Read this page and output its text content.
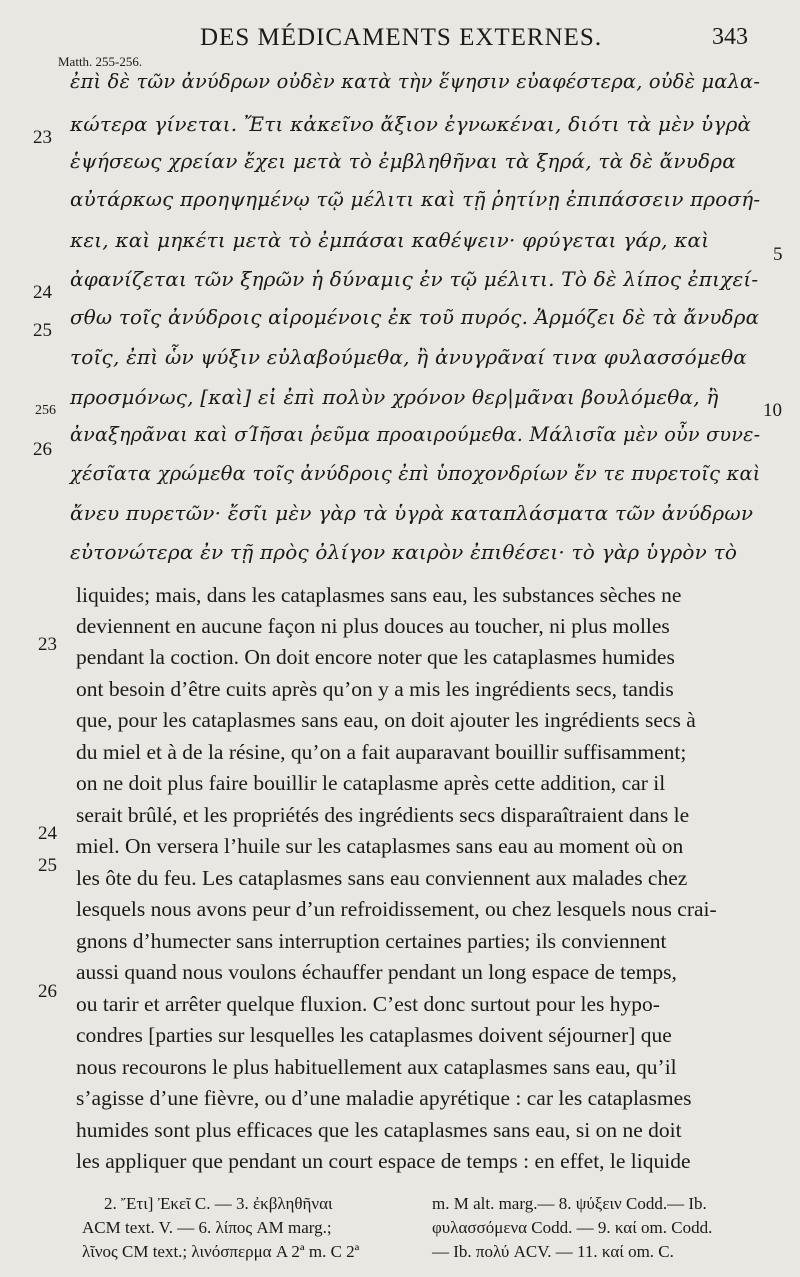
DES MÉDICAMENTS EXTERNES.	343
Matth. 255-256.
ἐπὶ δὲ τῶν ἀνύδρων οὐδὲν κατὰ τὴν ἕψησιν εὐαφέστερα, οὐδὲ μαλα-
κώτερα γίνεται. Ἔτι κἀκεῖνο ἄξιον ἐγνωκέναι, διότι τὰ μὲν ὑγρὰ
ἑψήσεως χρείαν ἔχει μετὰ τὸ ἐμβληθῆναι τὰ ξηρά, τὰ δὲ ἄνυδρα
αὐτάρκως προηψημένῳ τῷ μέλιτι καὶ τῇ ῥητίνῃ ἐπιπάσσειν προσή-
κει, καὶ μηκέτι μετὰ τὸ ἐμπάσαι καθέψειν· φρύγεται γάρ, καὶ
ἀφανίζεται τῶν ξηρῶν ἡ δύναμις ἐν τῷ μέλιτι. Τὸ δὲ λίπος ἐπιχεί-
σθω τοῖς ἀνύδροις αἰρομένοις ἐκ τοῦ πυρός. Ἁρμόζει δὲ τὰ ἄνυδρα
τοῖς, ἐπὶ ὧν ψύξιν εὐλαβούμεθα, ἢ ἀνυγρᾶναί τινα φυλασσόμεθα
προσμόνως, [καὶ] εἰ ἐπὶ πολὺν χρόνον θερ|μᾶναι βουλόμεθα, ἢ
ἀναξηρᾶναι καὶ σΊῆσαι ῥεῦμα προαιρούμεθα. Μάλισῖα μὲν οὖν συνε-
χέσῖατα χρώμεθα τοῖς ἀνύδροις ἐπὶ ὑποχονδρίων ἔν τε πυρετοῖς καὶ
ἄνευ πυρετῶν· ἔσῖι μὲν γὰρ τὰ ὑγρὰ καταπλάσματα τῶν ἀνύδρων
εὐτονώτερα ἐν τῇ πρὸς ὀλίγον καιρὸν ἐπιθέσει· τὸ γὰρ ὑγρὸν τὸ
23
24
25
256
26
5
10
liquides; mais, dans les cataplasmes sans eau, les substances sèches ne
deviennent en aucune façon ni plus douces au toucher, ni plus molles
pendant la coction. On doit encore noter que les cataplasmes humides
ont besoin d’être cuits après qu’on y a mis les ingrédients secs, tandis
que, pour les cataplasmes sans eau, on doit ajouter les ingrédients secs à
du miel et à de la résine, qu’on a fait auparavant bouillir suffisamment;
on ne doit plus faire bouillir le cataplasme après cette addition, car il
serait brûlé, et les propriétés des ingrédients secs disparaîtraient dans le
miel. On versera l’huile sur les cataplasmes sans eau au moment où on
les ôte du feu. Les cataplasmes sans eau conviennent aux malades chez
lesquels nous avons peur d’un refroidissement, ou chez lesquels nous crai-
gnons d’humecter sans interruption certaines parties; ils conviennent
aussi quand nous voulons échauffer pendant un long espace de temps,
ou tarir et arrêter quelque fluxion. C’est donc surtout pour les hypo-
condres [parties sur lesquelles les cataplasmes doivent séjourner] que
nous recourons le plus habituellement aux cataplasmes sans eau, qu’il
s’agisse d’une fièvre, ou d’une maladie apyrétique : car les cataplasmes
humides sont plus efficaces que les cataplasmes sans eau, si on ne doit
les appliquer que pendant un court espace de temps : en effet, le liquide
23
24
25
26
2. Ἔτι] Ἐκεῖ C. — 3. ἐκβληθῆναι
ACM text. V. — 6. λίπος AM marg.;
λῖνος CM text.; λινόσπερμα A 2ª m. C 2ª
m. M alt. marg.— 8. ψύξειν Codd.— Ib.
φυλασσόμενα Codd. — 9. καί om. Codd.
— Ib. πολύ ACV. — 11. καί om. C.
